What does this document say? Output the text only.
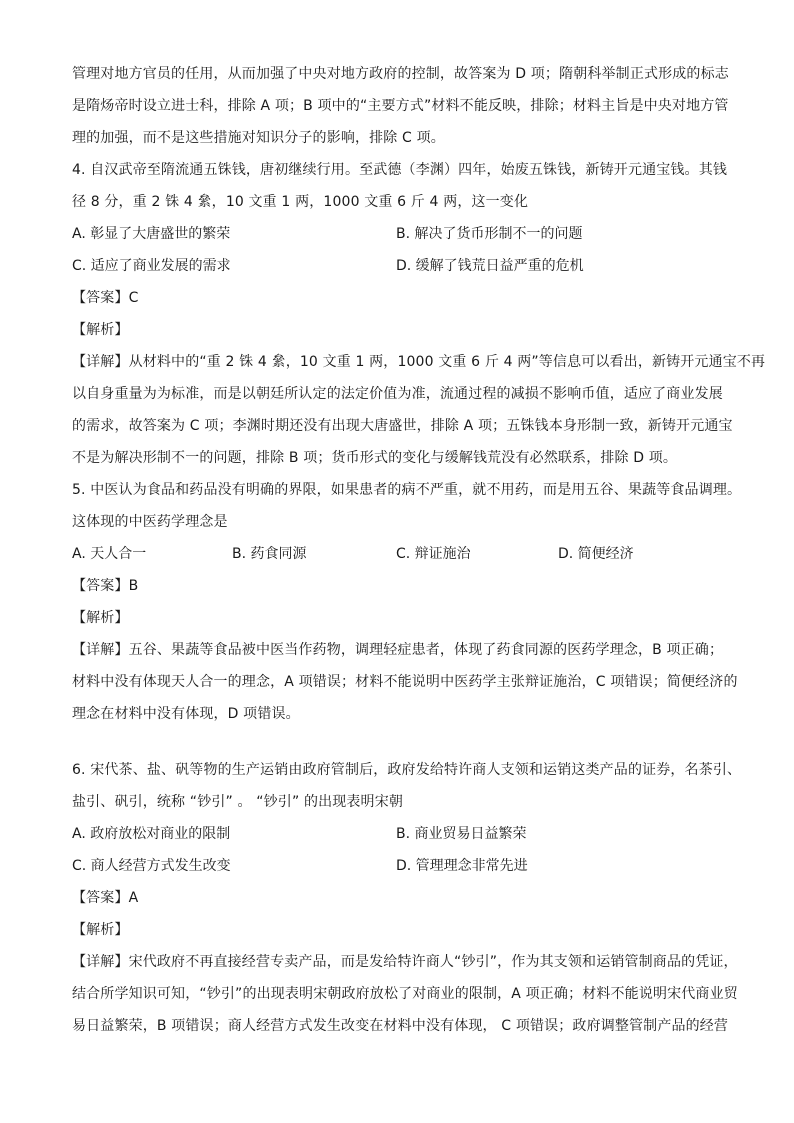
管理对地方官员的任用，从而加强了中央对地方政府的控制，故答案为 D 项；隋朝科举制正式形成的标志
是隋炀帝时设立进士科，排除 A 项；B 项中的“主要方式”材料不能反映，排除；材料主旨是中央对地方管
理的加强，而不是这些措施对知识分子的影响，排除 C 项。
4. 自汉武帝至隋流通五铢钱，唐初继续行用。至武德（李渊）四年，始废五铢钱，新铸开元通宝钱。其钱
径 8 分，重 2 铢 4 絫，10 文重 1 两，1000 文重 6 斤 4 两，这一变化
A. 彰显了大唐盛世的繁荣	B. 解决了货币形制不一的问题
C. 适应了商业发展的需求	D. 缓解了钱荒日益严重的危机
【答案】C
【解析】
【详解】从材料中的“重 2 铢 4 絫，10 文重 1 两，1000 文重 6 斤 4 两”等信息可以看出，新铸开元通宝不再
以自身重量为为标准，而是以朝廷所认定的法定价值为准，流通过程的减损不影响币值，适应了商业发展
的需求，故答案为 C 项；李渊时期还没有出现大唐盛世，排除 A 项；五铢钱本身形制一致，新铸开元通宝
不是为解决形制不一的问题，排除 B 项；货币形式的变化与缓解钱荒没有必然联系，排除 D 项。
5. 中医认为食品和药品没有明确的界限，如果患者的病不严重，就不用药，而是用五谷、果蔬等食品调理。
这体现的中医药学理念是
A. 天人合一	B. 药食同源	C. 辩证施治	D. 简便经济
【答案】B
【解析】
【详解】五谷、果蔬等食品被中医当作药物，调理轻症患者，体现了药食同源的医药学理念，B 项正确；
材料中没有体现天人合一的理念，A 项错误；材料不能说明中医药学主张辩证施治，C 项错误；简便经济的
理念在材料中没有体现，D 项错误。
6. 宋代茶、盐、矾等物的生产运销由政府管制后，政府发给特许商人支领和运销这类产品的证券，名茶引、
盐引、矾引，统称 “钞引” 。 “钞引” 的出现表明宋朝
A. 政府放松对商业的限制	B. 商业贸易日益繁荣
C. 商人经营方式发生改变	D. 管理理念非常先进
【答案】A
【解析】
【详解】宋代政府不再直接经营专卖产品，而是发给特许商人“钞引”，作为其支领和运销管制商品的凭证，
结合所学知识可知，“钞引”的出现表明宋朝政府放松了对商业的限制，A 项正确；材料不能说明宋代商业贸
易日益繁荣，B 项错误；商人经营方式发生改变在材料中没有体现， C 项错误；政府调整管制产品的经营
